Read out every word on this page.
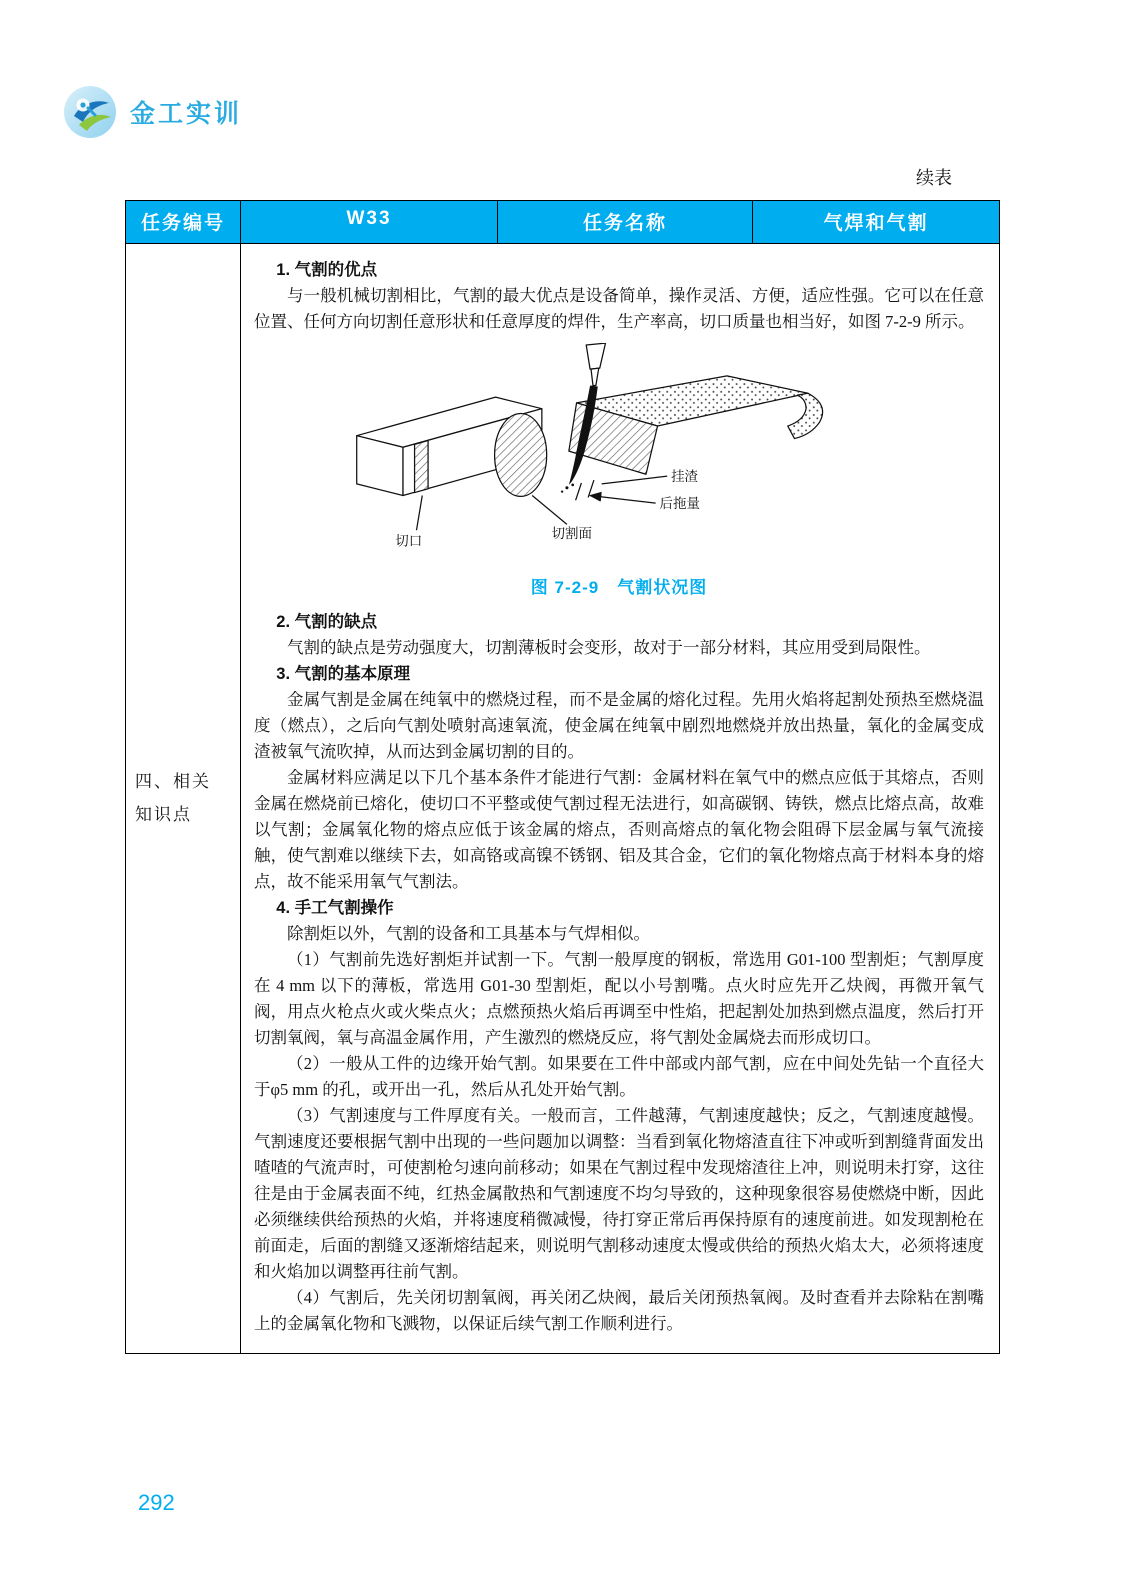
金工实训
续表
任务编号	W33	任务名称	气焊和气割
四、相关
知识点

1. 气割的优点

与一般机械切割相比，气割的最大优点是设备简单，操作灵活、方便，适应性强。它可以在任意位置、任何方向切割任意形状和任意厚度的焊件，生产率高，切口质量也相当好，如图 7-2-9 所示。

挂渣
后拖量
切割面
切口
图 7-2-9　气割状况图

2. 气割的缺点

气割的缺点是劳动强度大，切割薄板时会变形，故对于一部分材料，其应用受到局限性。

3. 气割的基本原理

金属气割是金属在纯氧中的燃烧过程，而不是金属的熔化过程。先用火焰将起割处预热至燃烧温度（燃点），之后向气割处喷射高速氧流，使金属在纯氧中剧烈地燃烧并放出热量，氧化的金属变成渣被氧气流吹掉，从而达到金属切割的目的。

金属材料应满足以下几个基本条件才能进行气割：金属材料在氧气中的燃点应低于其熔点，否则金属在燃烧前已熔化，使切口不平整或使气割过程无法进行，如高碳钢、铸铁，燃点比熔点高，故难以气割；金属氧化物的熔点应低于该金属的熔点，否则高熔点的氧化物会阻碍下层金属与氧气流接触，使气割难以继续下去，如高铬或高镍不锈钢、铝及其合金，它们的氧化物熔点高于材料本身的熔点，故不能采用氧气气割法。

4. 手工气割操作

除割炬以外，气割的设备和工具基本与气焊相似。

（1）气割前先选好割炬并试割一下。气割一般厚度的钢板，常选用 G01-100 型割炬；气割厚度在 4 mm 以下的薄板，常选用 G01-30 型割炬，配以小号割嘴。点火时应先开乙炔阀，再微开氧气阀，用点火枪点火或火柴点火；点燃预热火焰后再调至中性焰，把起割处加热到燃点温度，然后打开切割氧阀，氧与高温金属作用，产生激烈的燃烧反应，将气割处金属烧去而形成切口。

（2）一般从工件的边缘开始气割。如果要在工件中部或内部气割，应在中间处先钻一个直径大于φ5 mm 的孔，或开出一孔，然后从孔处开始气割。

（3）气割速度与工件厚度有关。一般而言，工件越薄，气割速度越快；反之，气割速度越慢。气割速度还要根据气割中出现的一些问题加以调整：当看到氧化物熔渣直往下冲或听到割缝背面发出喳喳的气流声时，可使割枪匀速向前移动；如果在气割过程中发现熔渣往上冲，则说明未打穿，这往往是由于金属表面不纯，红热金属散热和气割速度不均匀导致的，这种现象很容易使燃烧中断，因此必须继续供给预热的火焰，并将速度稍微减慢，待打穿正常后再保持原有的速度前进。如发现割枪在前面走，后面的割缝又逐渐熔结起来，则说明气割移动速度太慢或供给的预热火焰太大，必须将速度和火焰加以调整再往前气割。

（4）气割后，先关闭切割氧阀，再关闭乙炔阀，最后关闭预热氧阀。及时查看并去除粘在割嘴上的金属氧化物和飞溅物，以保证后续气割工作顺利进行。

292
